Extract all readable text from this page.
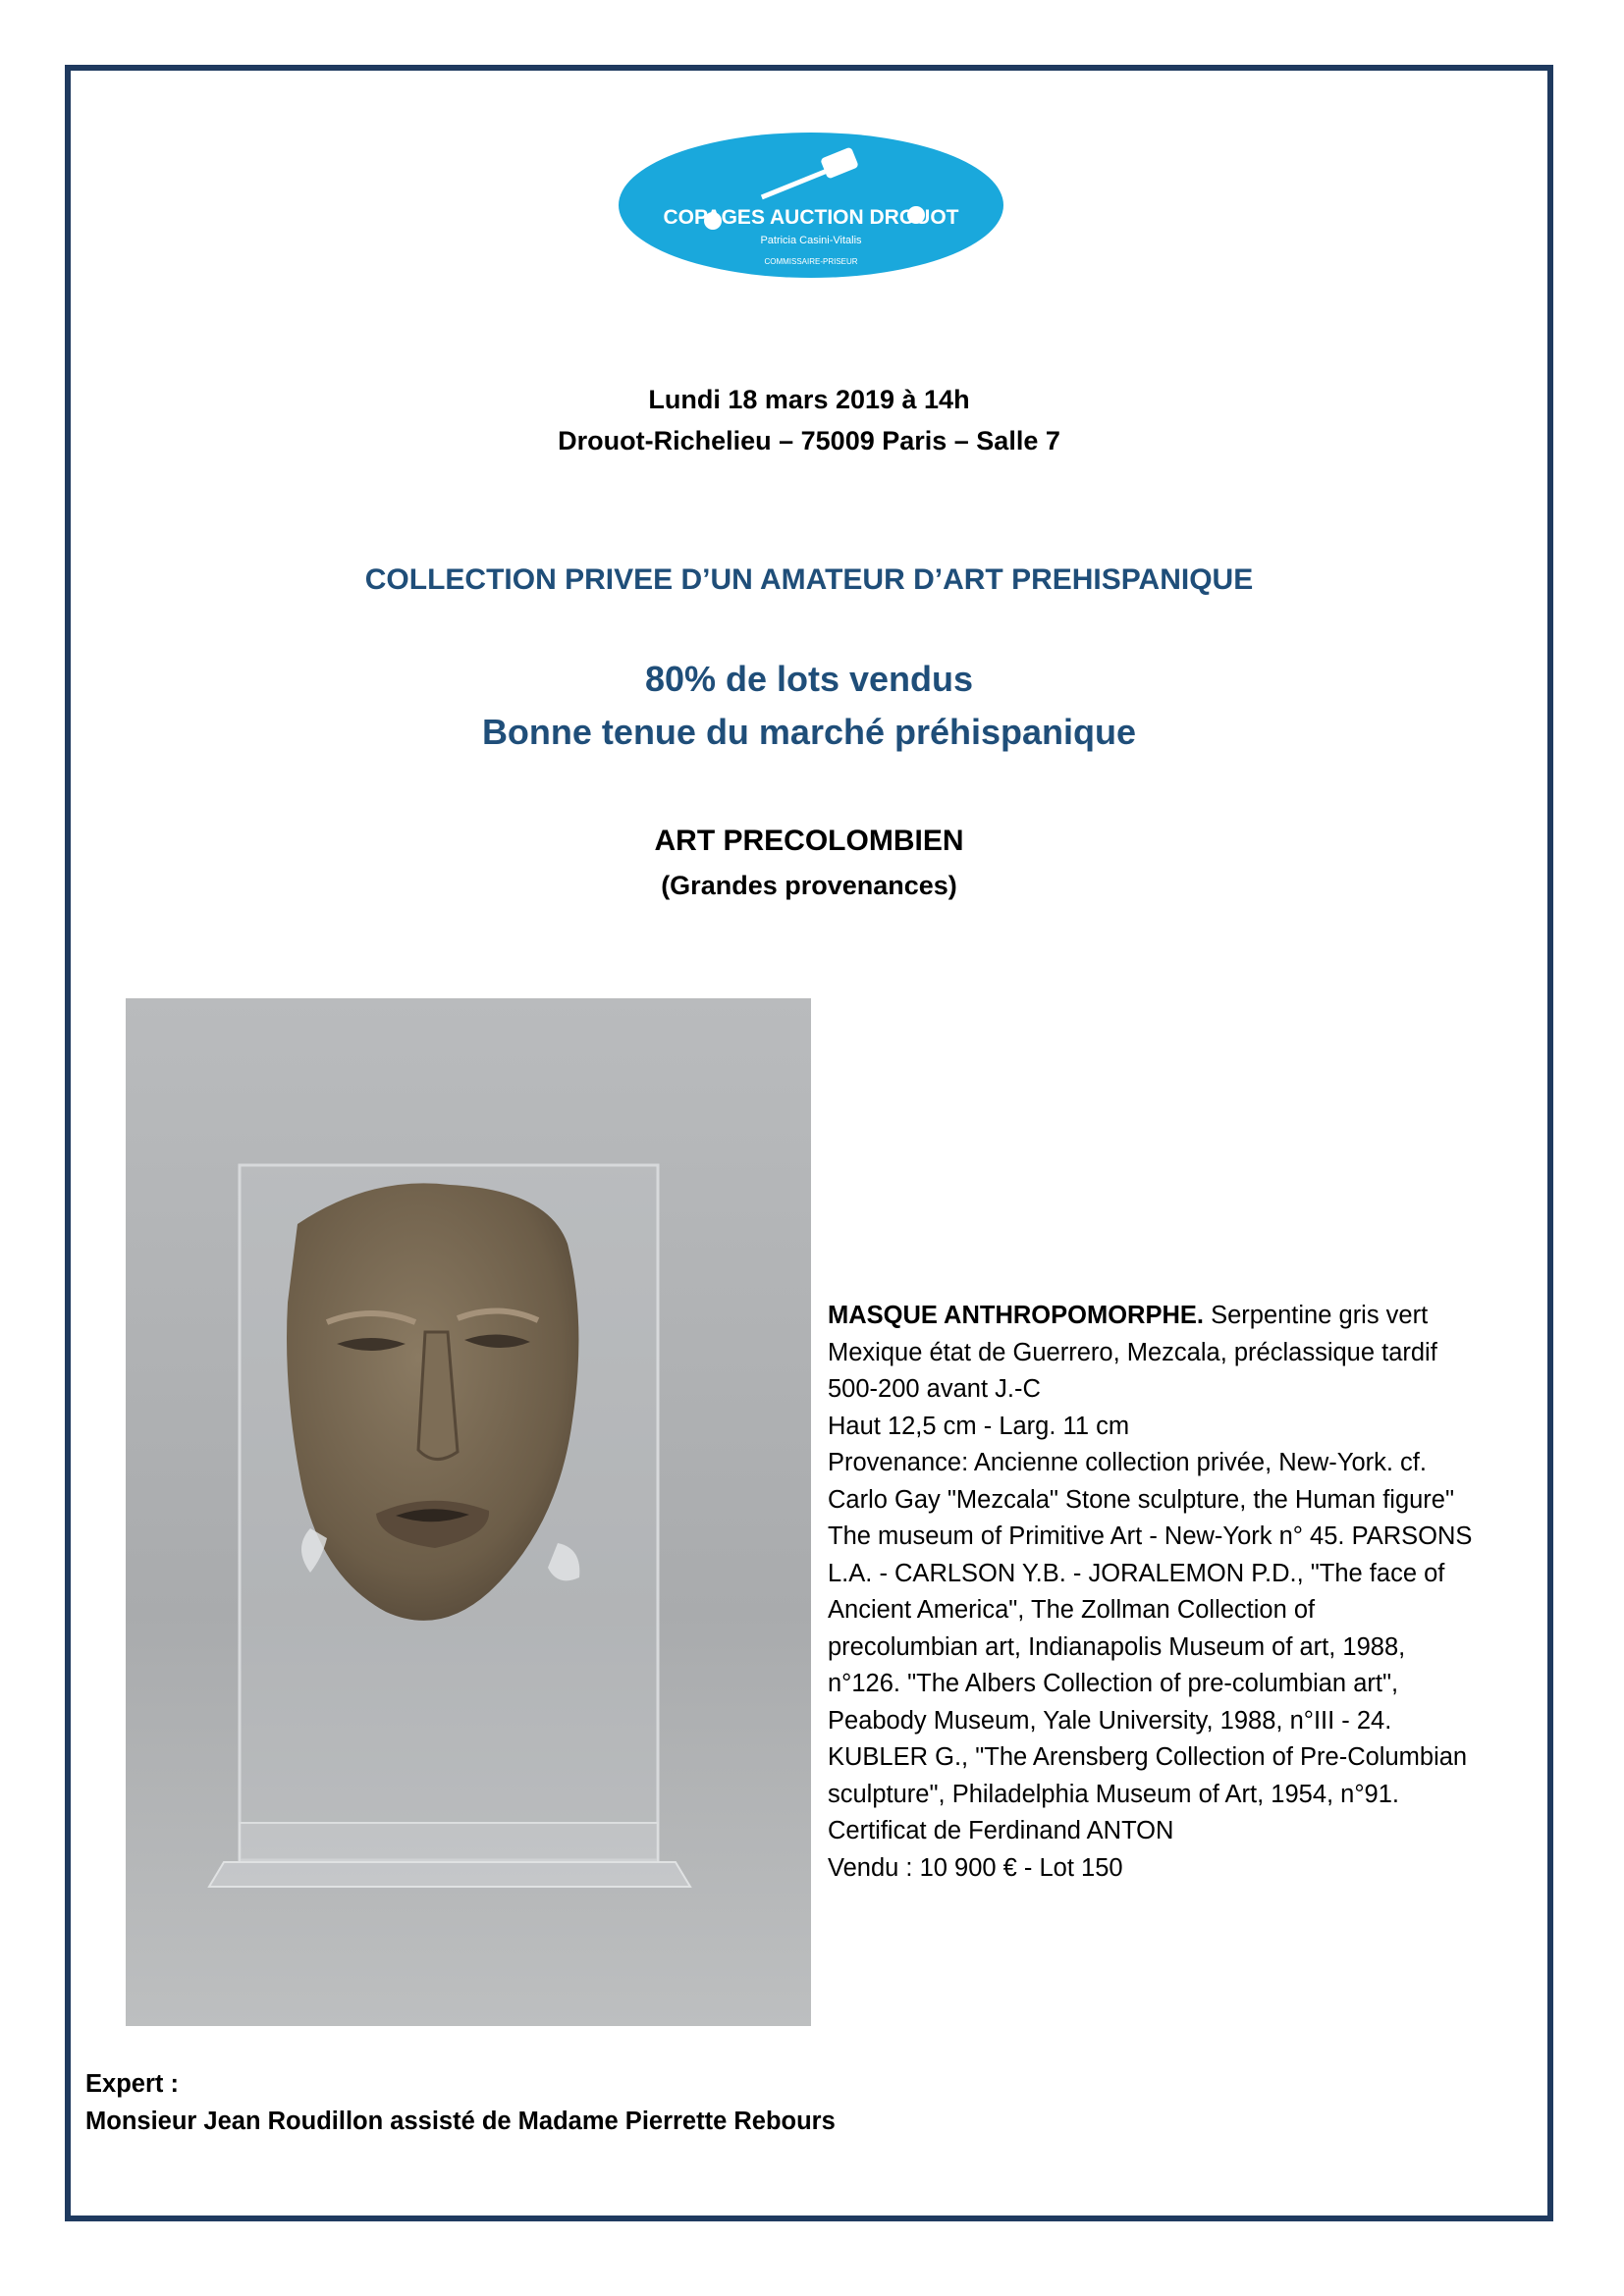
COPAGES AUCTION DROUOT
Patricia Casini-Vitalis
COMMISSAIRE-PRISEUR
Lundi 18 mars 2019 à 14h
Drouot-Richelieu – 75009 Paris – Salle 7
COLLECTION PRIVEE D’UN AMATEUR D’ART PREHISPANIQUE
80% de lots vendus
Bonne tenue du marché préhispanique
ART PRECOLOMBIEN
(Grandes provenances)

MASQUE ANTHROPOMORPHE. Serpentine gris vert

Mexique état de Guerrero, Mezcala, préclassique tardif

500-200 avant J.-C

Haut 12,5 cm - Larg. 11 cm

Provenance: Ancienne collection privée, New-York. cf.

Carlo Gay "Mezcala" Stone sculpture, the Human figure"

The museum of Primitive Art - New-York n° 45. PARSONS

L.A. - CARLSON Y.B. - JORALEMON P.D., "The face of

Ancient America", The Zollman Collection of

precolumbian art, Indianapolis Museum of art, 1988,

n°126. "The Albers Collection of pre-columbian art",

Peabody Museum, Yale University, 1988, n°III - 24.

KUBLER G., "The Arensberg Collection of Pre-Columbian

sculpture", Philadelphia Museum of Art, 1954, n°91.

Certificat de Ferdinand ANTON

Vendu : 10 900 € - Lot 150

Expert :
Monsieur Jean Roudillon assisté de Madame Pierrette Rebours
